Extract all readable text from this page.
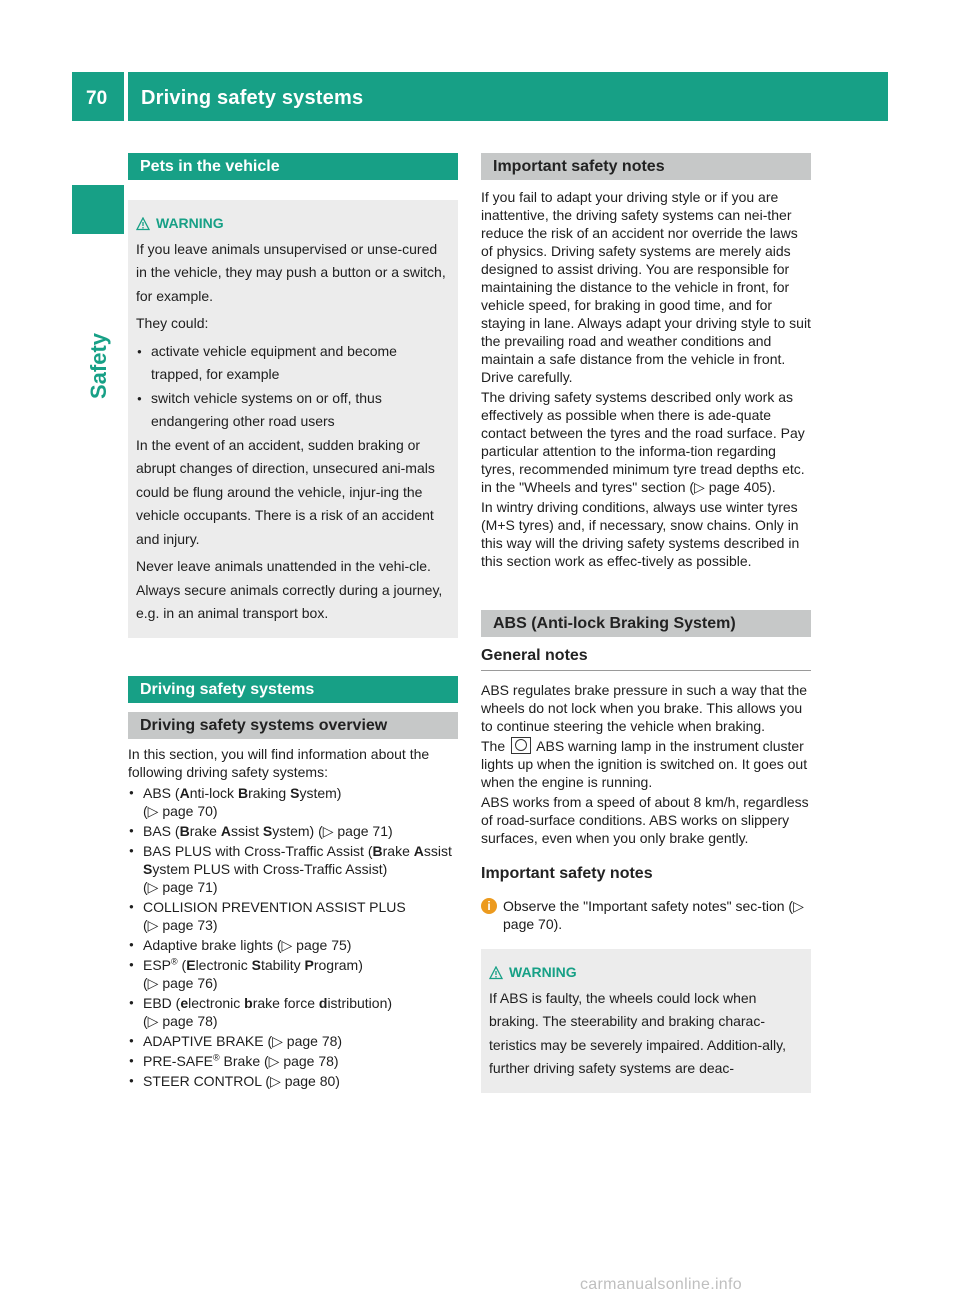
70 Driving safety systems
Safety
Pets in the vehicle
WARNING

If you leave animals unsupervised or unse-cured in the vehicle, they may push a button or a switch, for example.

They could:

● activate vehicle equipment and become trapped, for example
● switch vehicle systems on or off, thus endangering other road users

In the event of an accident, sudden braking or abrupt changes of direction, unsecured ani-mals could be flung around the vehicle, injur-ing the vehicle occupants. There is a risk of an accident and injury.

Never leave animals unattended in the vehi-cle. Always secure animals correctly during a journey, e.g. in an animal transport box.

Driving safety systems
Driving safety systems overview

In this section, you will find information about the following driving safety systems:

● ABS (Anti-lock Braking System)
(▷ page 70)
● BAS (Brake Assist System) (▷ page 71)
● BAS PLUS with Cross-Traffic Assist (Brake Assist System PLUS with Cross-Traffic Assist)
(▷ page 71)
● COLLISION PREVENTION ASSIST PLUS
(▷ page 73)
● Adaptive brake lights (▷ page 75)
● ESP® (Electronic Stability Program)
(▷ page 76)
● EBD (electronic brake force distribution)
(▷ page 78)
● ADAPTIVE BRAKE (▷ page 78)
● PRE-SAFE® Brake (▷ page 78)
● STEER CONTROL (▷ page 80)
Important safety notes

If you fail to adapt your driving style or if you are inattentive, the driving safety systems can nei-ther reduce the risk of an accident nor override the laws of physics. Driving safety systems are merely aids designed to assist driving. You are responsible for maintaining the distance to the vehicle in front, for vehicle speed, for braking in good time, and for staying in lane. Always adapt your driving style to suit the prevailing road and weather conditions and maintain a safe distance from the vehicle in front. Drive carefully.

The driving safety systems described only work as effectively as possible when there is ade-quate contact between the tyres and the road surface. Pay particular attention to the informa-tion regarding tyres, recommended minimum tyre tread depths etc. in the "Wheels and tyres" section (▷ page 405).

In wintry driving conditions, always use winter tyres (M+S tyres) and, if necessary, snow chains. Only in this way will the driving safety systems described in this section work as effec-tively as possible.

ABS (Anti-lock Braking System)
General notes

ABS regulates brake pressure in such a way that the wheels do not lock when you brake. This allows you to continue steering the vehicle when braking.

The ABS warning lamp in the instrument cluster lights up when the ignition is switched on. It goes out when the engine is running.

ABS works from a speed of about 8 km/h, regardless of road-surface conditions. ABS works on slippery surfaces, even when you only brake gently.

Important safety notes
i Observe the "Important safety notes" sec-tion (▷ page 70).
WARNING

If ABS is faulty, the wheels could lock when braking. The steerability and braking charac-teristics may be severely impaired. Addition-ally, further driving safety systems are deac-

carmanualsonline.info
